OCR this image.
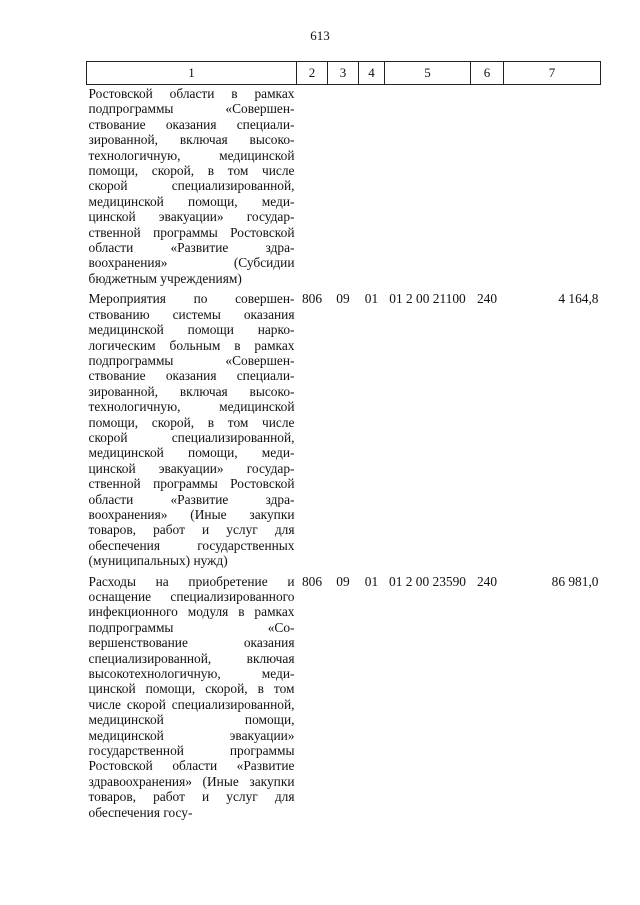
613
1	2	3	4	5	6	7
Ростовской области в рамках подпрограммы «Совершенствование оказания специализированной, включая высокотехнологичную, медицинской помощи, скорой, в том числе скорой специализированной, медицинской помощи, медицинской эвакуации» государственной программы Ростовской области «Развитие здравоохранения» (Субсидии бюджетным учреждениям)						
Мероприятия по совершенствованию системы оказания медицинской помощи наркологическим больным в рамках подпрограммы «Совершенствование оказания специализированной, включая высокотехнологичную, медицинской помощи, скорой, в том числе скорой специализированной, медицинской помощи, медицинской эвакуации» государственной программы Ростовской области «Развитие здравоохранения» (Иные закупки товаров, работ и услуг для обеспечения государственных (муниципальных) нужд)	806	09	01	01 2 00 21100	240	4 164,8
Расходы на приобретение и оснащение специализированного инфекционного модуля в рамках подпрограммы «Совершенствование оказания специализированной, включая высокотехнологичную, медицинской помощи, скорой, в том числе скорой специализированной, медицинской помощи, медицинской эвакуации» государственной программы Ростовской области «Развитие здравоохранения» (Иные закупки товаров, работ и услуг для обеспечения госу-	806	09	01	01 2 00 23590	240	86 981,0
